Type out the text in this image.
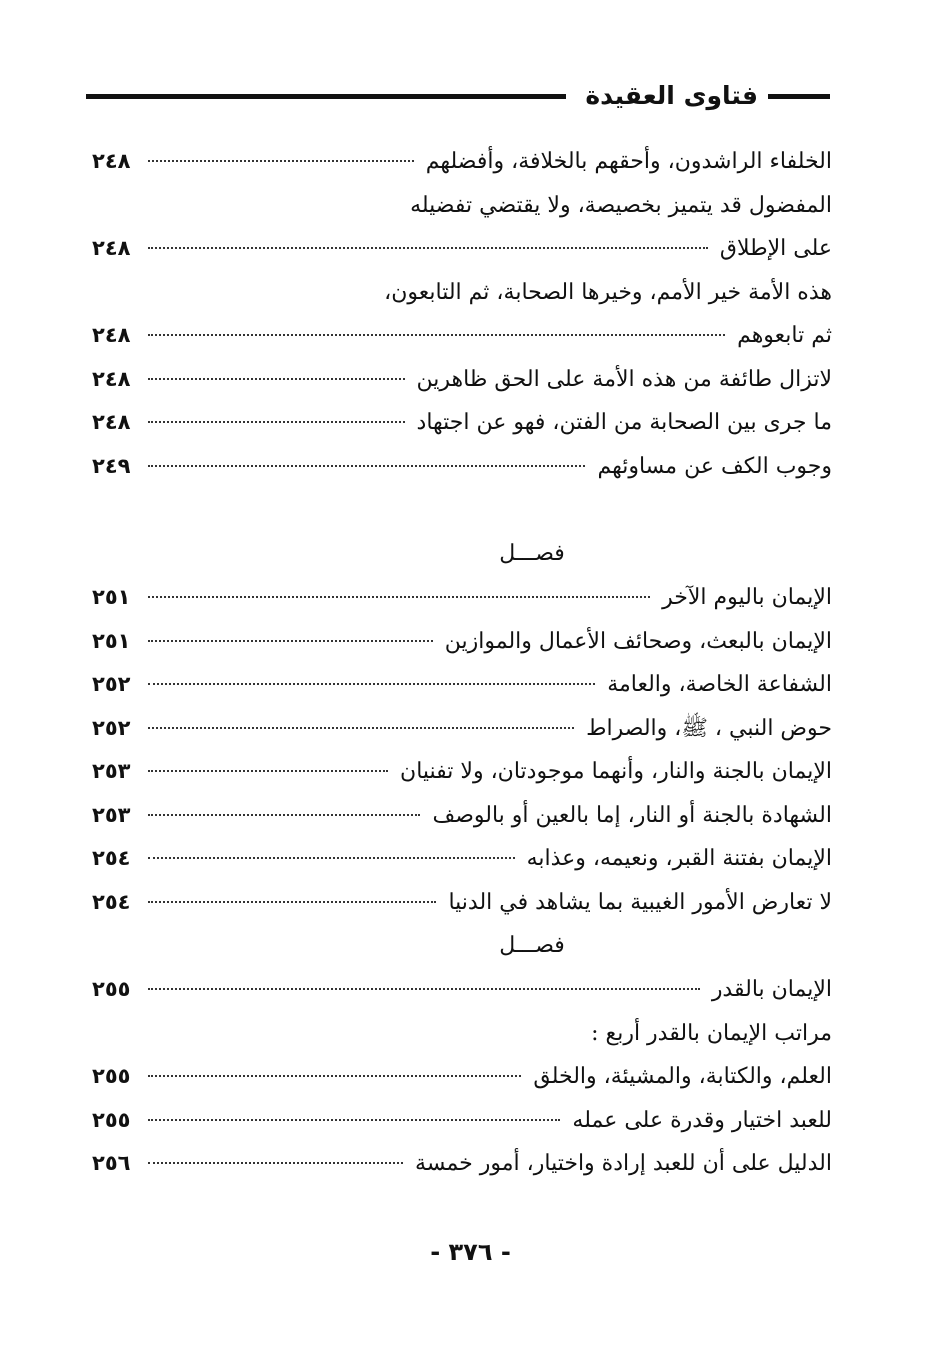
فتاوى العقيدة
الخلفاء الراشدون، وأحقهم بالخلافة، وأفضلهم
٢٤٨
المفضول قد يتميز بخصيصة، ولا يقتضي تفضيله
على الإطلاق
٢٤٨
هذه الأمة خير الأمم، وخيرها الصحابة، ثم التابعون،
ثم تابعوهم
٢٤٨
لاتزال طائفة من هذه الأمة على الحق ظاهرين
٢٤٨
ما جرى بين الصحابة من الفتن، فهو عن اجتهاد
٢٤٨
وجوب الكف عن مساوئهم
٢٤٩
فصـــل
الإيمان باليوم الآخر
٢٥١
الإيمان بالبعث، وصحائف الأعمال والموازين
٢٥١
الشفاعة الخاصة، والعامة
٢٥٢
حوض النبي ، ﷺ، والصراط
٢٥٢
الإيمان بالجنة والنار، وأنهما موجودتان، ولا تفنيان
٢٥٣
الشهادة بالجنة أو النار، إما بالعين أو بالوصف
٢٥٣
الإيمان بفتنة القبر، ونعيمه، وعذابه
٢٥٤
لا تعارض الأمور الغيبية بما يشاهد في الدنيا
٢٥٤
فصـــل
الإيمان بالقدر
٢٥٥
مراتب الإيمان بالقدر أربع :
العلم، والكتابة، والمشيئة، والخلق
٢٥٥
للعبد اختيار وقدرة على عمله
٢٥٥
الدليل على أن للعبد إرادة واختيار، أمور خمسة
٢٥٦
- ٣٧٦ -
